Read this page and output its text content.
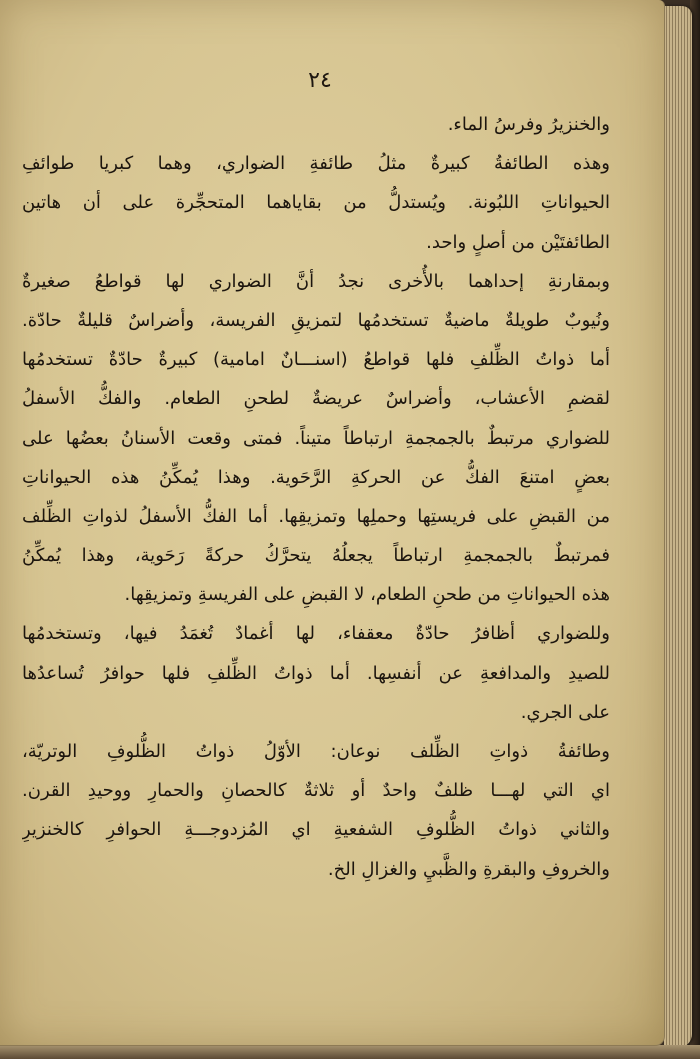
٢٤
والخنزيرُ وفرسُ الماء.
وهذه الطائفةُ كبيرةٌ مثلُ طائفةِ الضواري، وهما كبريا طوائفِ
الحيواناتِ اللبُونة. ويُستدلُّ من بقاياهما المتحجِّرة على أن هاتين
الطائفتَيْن من أصلٍ واحد.
وبمقارنةِ إحداهما بالأُخرى نجدُ أنَّ الضواري لها قواطعُ صغيرةٌ
ونُيوبٌ طويلةٌ ماضيةٌ تستخدمُها لتمزيقِ الفريسة، وأضراسٌ قليلةٌ حادّة.
أما ذواتُ الظِّلفِ فلها قواطعُ (اسنـــانٌ امامية) كبيرةٌ حادّةٌ تستخدمُها
لقضمِ الأعشاب، وأضراسٌ عريضةٌ لطحنِ الطعام. والفكُّ الأسفلُ
للضواري مرتبطٌ بالجمجمةِ ارتباطاً متيناً. فمتى وقعت الأسنانُ بعضُها على
بعضٍ امتنعَ الفكُّ عن الحركةِ الرَّحَوية. وهذا يُمكِّنُ هذه الحيواناتِ
من القبضِ على فريستِها وحملِها وتمزيقِها. أما الفكُّ الأسفلُ لذواتِ الظِّلف
فمرتبطٌ بالجمجمةِ ارتباطاً يجعلُهُ يتحرَّكُ حركةً رَحَوية، وهذا يُمكِّنُ
هذه الحيواناتِ من طحنِ الطعام، لا القبضِ على الفريسةِ وتمزيقِها.
وللضواري أظافرُ حادّةٌ معقفاء، لها أغمادٌ تُغمَدُ فيها، وتستخدمُها
للصيدِ والمدافعةِ عن أنفسِها. أما ذواتُ الظِّلفِ فلها حوافرُ تُساعدُها
على الجري.
وطائفةُ ذواتِ الظِّلف نوعان: الأوّلُ ذواتُ الظُّلوفِ الوتريّة،
اي التي لهـــا ظلفٌ واحدٌ أو ثلاثةٌ كالحصانِ والحمارِ ووحيدِ القرن.
والثاني ذواتُ الظُّلوفِ الشفعيةِ اي المُزدوجـــةِ الحوافرِ كالخنزيرِ
والخروفِ والبقرةِ والظَّبيِ والغزالِ الخ.
